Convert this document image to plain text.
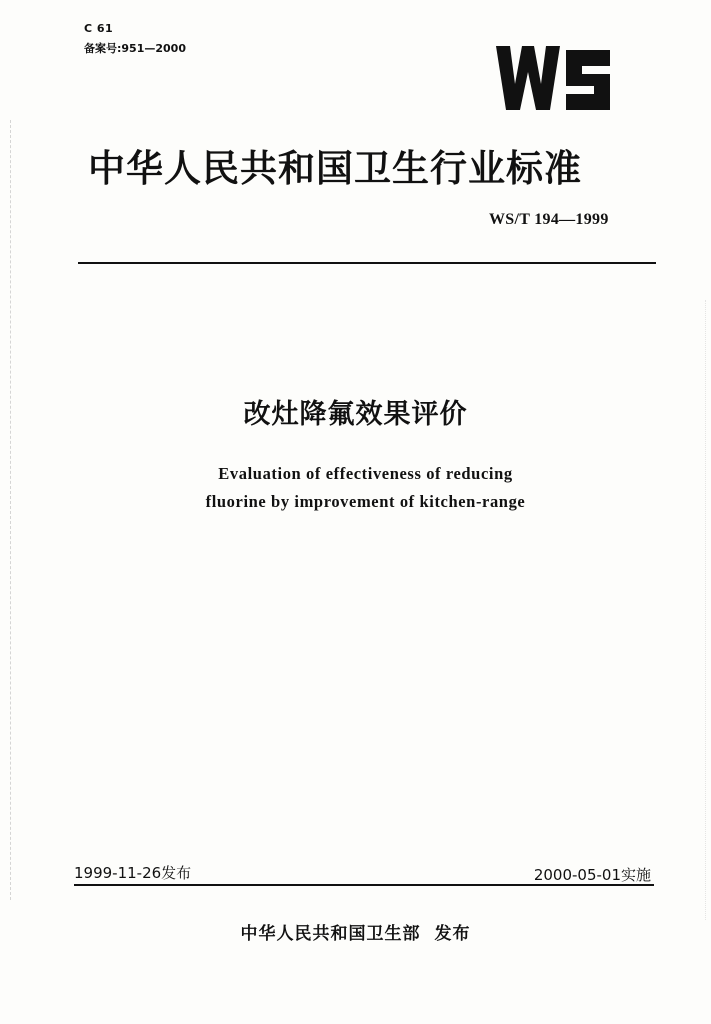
C 61
备案号:951—2000
中华人民共和国卫生行业标准
WS/T 194—1999
改灶降氟效果评价
Evaluation of effectiveness of reducing
fluorine by improvement of kitchen-range
1999-11-26发布	2000-05-01实施
中华人民共和国卫生部 发布
